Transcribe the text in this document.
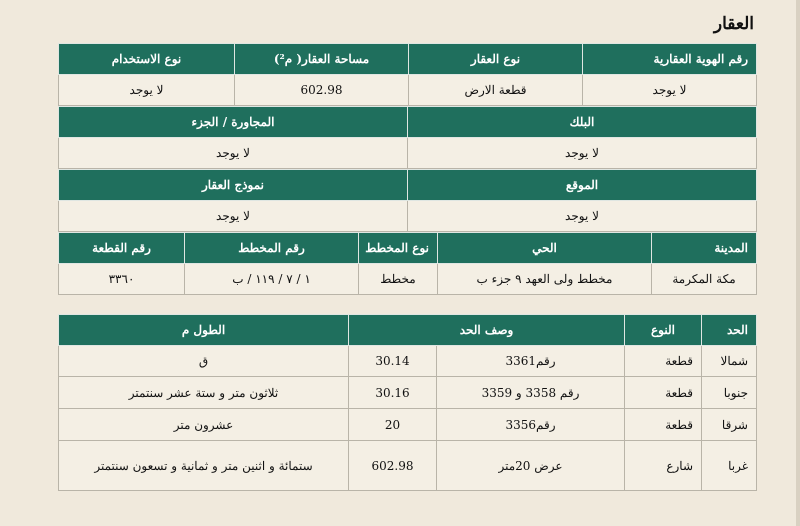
العقار
رقم الهوية العقارية	نوع العقار	مساحة العقار( م²)	نوع الاستخدام
لا يوجد	قطعة الارض	602.98	لا يوجد
البلك	المجاورة / الجزء
لا يوجد	لا يوجد
الموقع	نموذج العقار
لا يوجد	لا يوجد
المدينة	الحي	نوع المخطط	رقم المخطط	رقم القطعة
مكة المكرمة	مخطط ولى العهد ٩ جزء ب	مخطط	١ / ٧ / ١١٩ / ب	٣٣٦٠
الحد	النوع	وصف الحد		الطول م
شمالا	قطعة	رقم3361	30.14	ق
جنوبا	قطعة	رقم 3358 و 3359	30.16	ثلاثون متر و ستة عشر سنتمتر
شرقا	قطعة	رقم3356	20	عشرون متر
غربا	شارع	عرض 20متر	602.98	ستمائة و اثنين متر و ثمانية و تسعون سنتمتر
